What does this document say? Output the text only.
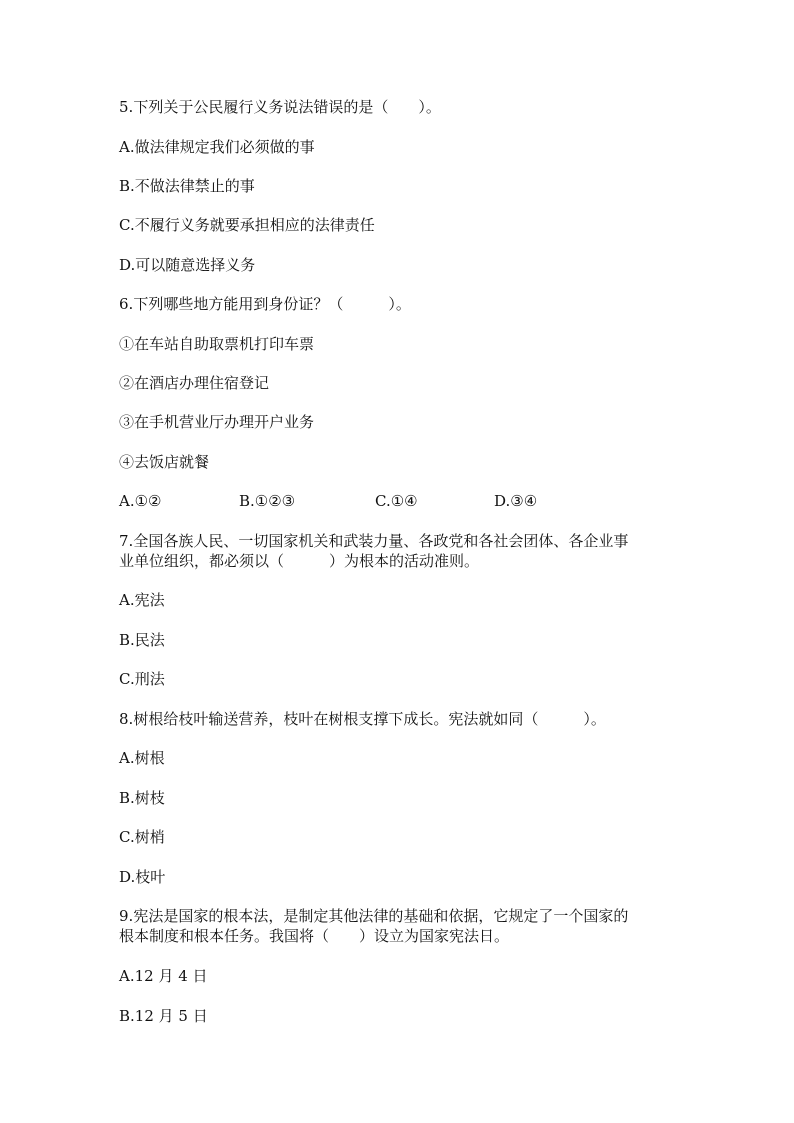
5.下列关于公民履行义务说法错误的是（　　）。
A.做法律规定我们必须做的事
B.不做法律禁止的事
C.不履行义务就要承担相应的法律责任
D.可以随意选择义务
6.下列哪些地方能用到身份证？（　　　）。
①在车站自助取票机打印车票
②在酒店办理住宿登记
③在手机营业厅办理开户业务
④去饭店就餐
A.①②	B.①②③	C.①④	D.③④
7.全国各族人民、一切国家机关和武装力量、各政党和各社会团体、各企业事
业单位组织，都必须以（　　　）为根本的活动准则。
A.宪法
B.民法
C.刑法
8.树根给枝叶输送营养，枝叶在树根支撑下成长。宪法就如同（　　　）。
A.树根
B.树枝
C.树梢
D.枝叶
9.宪法是国家的根本法，是制定其他法律的基础和依据，它规定了一个国家的
根本制度和根本任务。我国将（　　）设立为国家宪法日。
A.12 月 4 日
B.12 月 5 日
